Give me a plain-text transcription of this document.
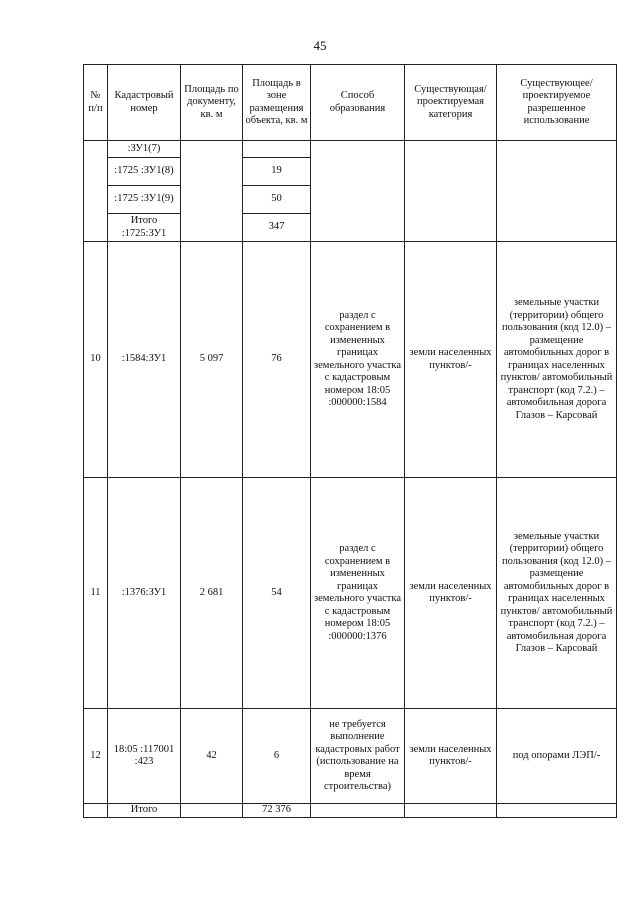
45
№ п/п	Кадастровый номер	Площадь по документу, кв. м	Площадь в зоне размещения объекта, кв. м	Способ образования	Существующая/ проектируемая категория	Существующее/ проектируемое разрешенное использование
	:ЗУ1(7)					
	:1725 :ЗУ1(8)		19			
	:1725 :ЗУ1(9)		50			
	Итого :1725:ЗУ1		347			
10	:1584:ЗУ1	5 097	76	раздел с сохранением в измененных границах земельного участка с кадастровым номером 18:05 :000000:1584	земли населенных пунктов/-	земельные участки (территории) общего пользования (код 12.0) – размещение автомобильных дорог в границах населенных пунктов/ автомобильный транспорт (код 7.2.) – автомобильная дорога Глазов – Карсовай
11	:1376:ЗУ1	2 681	54	раздел с сохранением в измененных границах земельного участка с кадастровым номером 18:05 :000000:1376	земли населенных пунктов/-	земельные участки (территории) общего пользования (код 12.0) – размещение автомобильных дорог в границах населенных пунктов/ автомобильный транспорт (код 7.2.) – автомобильная дорога Глазов – Карсовай
12	18:05 :117001 :423	42	6	не требуется выполнение кадастровых работ (использование на время строительства)	земли населенных пунктов/-	под опорами ЛЭП/-
	Итого		72 376			
